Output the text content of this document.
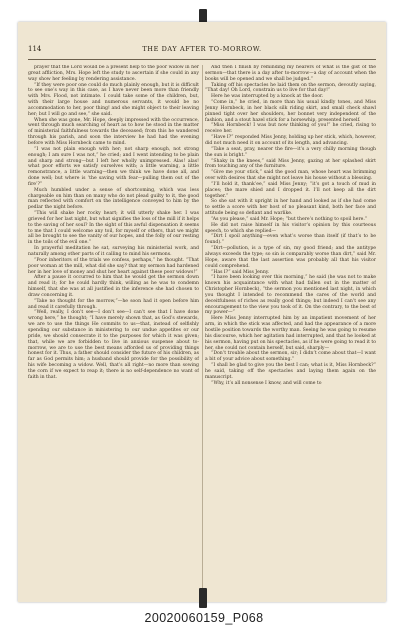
114	THE DAY AFTER TO-MORROW.

prayer that the Lord would be a present help to the poor widow in her great affliction, Mrs. Hope left the study to ascertain if she could in any way show her feeling by rendering assistance.

“If they were poor one could do much plainly enough, but it is difficult to see one’s way in this case, as I have never been more than friendly with Mrs. Flood, not intimate. I could take some of the children, but, with their large house and numerous servants, it would be no accommodation to her, poor thing! and she might object to their leaving her; but I will go and see,” she said.

When she was gone, Mr. Hope, deeply impressed with the occurrence, went through much searching of heart as to how he stood in the matter of ministerial faithfulness towards the deceased; from this he wandered through his parish, and soon the interview he had had the evening before with Miss Hornbeck came to mind.

“I was not plain enough with her; not sharp enough, not strong enough; I am sure I was not,” he cried; and I went intending to be plain and sharp and strong—but I left her wholly unimpressed. Alas! alas! what poor efforts we satisfy ourselves with; a little warning, a little remonstrance, a little warning—then we think we have done all, and done well; but where is ‘the saving with fear—pulling them out of the fire’?”

Much humbled under a sense of shortcoming, which was less chargeable on him than on many who do not plead guilty to it, the good man reflected with comfort on the intelligence conveyed to him by the pedlar the night before.

“This will shake her rocky heart; it will utterly shake her. I was grieved for her last night, but what signifies the loss of the mill if it helps to the saving of her soul? In the sight of this awful dispensation it seems to me that I could welcome any toil, for myself or others, that we might all be brought to see the vanity of our hopes, and the folly of our resting in the toils of the evil one.”

In prayerful meditation he sat, surveying his ministerial work, and naturally among other parts of it calling to mind his sermons.

“Poor inheritors of the trials we confess, perhaps,” he thought. “That poor woman at the mill, what did she say? that my sermon had hardened her in her love of money and shut her heart against these poor widows!”

After a pause it occurred to him that he would get the sermon down and read it; for he could hardly think, willing as he was to condemn himself, that she was at all justified in the inference she had chosen to draw concerning it.

“Take no thought for the morrow,”—he soon had it open before him and read it carefully through.

“Well, really, I don’t see—I don’t see—I can’t see that I have done wrong here,” he thought; “I have merely shown that, as God’s stewards, we are to use the things He commits to us—that, instead of selfishly spending our substance in ministering to our undue appetites or our pride, we should consecrate it to the purposes for which it was given; that, while we are forbidden to live in anxious suspense about to-morrow, we are to use the best means afforded us of providing things honest for it. Thus, a father should consider the future of his children, as far as God permits him; a husband should provide for the possibility of his wife becoming a widow. Well, that’s all right—no more than sowing the corn if we expect to reap it; there is no self-dependence no want of faith in that.

And then I finish by reminding my hearers of what is the gist of the sermon—that there is a day after to-morrow—a day of account when the books will be opened and we shall be judged.”

Taking off his spectacles he laid them on the sermon, devoutly saying, “That day! Oh Lord, constrain us to live for that day!”

Here he was interrupted by a knock at the door.

“Come in,” he cried, in more than his usual kindly tones, and Miss Jenny Hornbeck, in her black silk riding skirt, and small check shawl pinned tight over her shoulders, her bonnet very independent of the fashion, and a stout hazel stick for a horsewhip, presented herself.

“Miss Hornbeck! I was but now thinking of you!” he cried, rising to receive her.

“Have I?” responded Miss Jenny, holding up her stick, which, however, did not much need it on account of its length, and advancing.

“Take a seat, pray, nearer the fire—it’s a very chilly morning though the sun is bright.”

“Shaky in the knees,” said Miss Jenny, gazing at her splashed skirt from touching any of the furniture.

“Give me your stick,” said the good man, whose heart was brimming over with desires that she might not leave his house without a blessing.

“I’ll hold it, thank’ee,” said Miss Jenny; “it’s got a touch of mud in places; the mare shied and I dropped it. I’ll not keep all the dirt together.”

So she sat with it upright in her hand and looked as if she had come to settle a score with her host of no pleasant kind, both her face and attitude being so defiant and warlike.

“As you please,” said Mr. Hope; “but there’s nothing to spoil here.”

He did not raise himself in his visitor’s opinion by this courteous speech, to which she replied—

“Dirt I spoil anything—even what’s worse than itself (if that’s to be found).”

“Dirt—pollution, is a type of sin, my good friend; and the antitype always exceeds the type; so sin is comparably worse than dirt,” said Mr. Hope, aware that the last assertion was probably all that his visitor could comprehend.

“Has I?” said Miss Jenny.

“I have been looking over this morning,” he said (he was not to make known his acquaintance with what had fallen out in the matter of Christopher Hornbeck), “the sermon you mentioned last night, in which you thought I intended to recommend the cares of the world and deceitfulness of riches as really good things; but indeed I can’t see any encouragement to the view you took of it. On the contrary, to the best of my power—”

Here Miss Jenny interrupted him by an impatient movement of her arm, in which the stick was affected, and had the appearance of a more hostile position towards the worthy man. Seeing he was going to resume his discourse, which her agitation had interrupted, and that he looked at his sermon, having put on his spectacles, as if he were going to read it to her, she could not contain herself, but said, sharply—

“Don’t trouble about the sermon, sir; I didn’t come about that—I want a bit of your advice about something.”

“I shall be glad to give you the best I can; what is it, Miss Hornbeck?” he said, taking off the spectacles and laying them again on the manuscript.

“Why, it’s all nonsense I know, and will come to

20020060159_P068
